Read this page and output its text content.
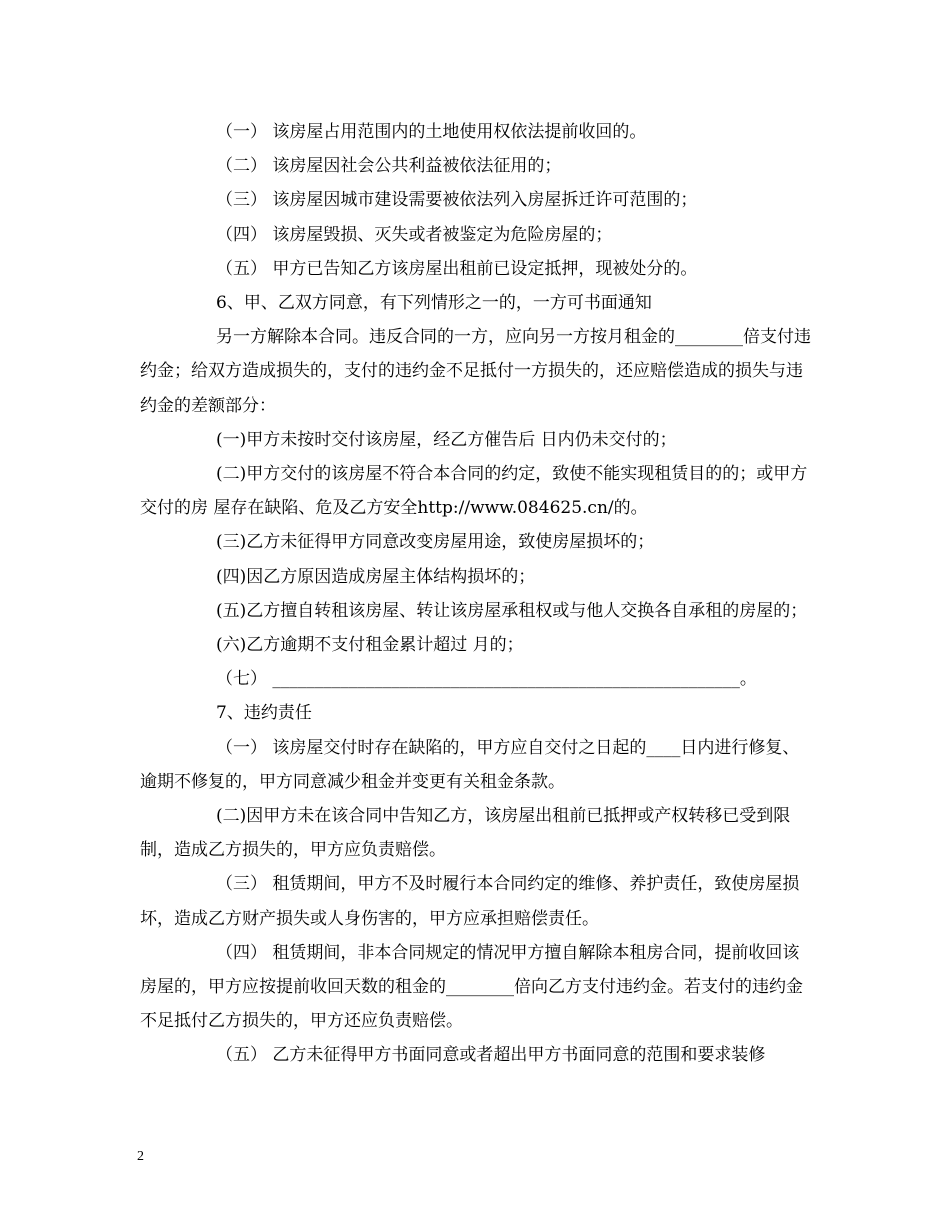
（一） 该房屋占用范围内的土地使用权依法提前收回的。

（二） 该房屋因社会公共利益被依法征用的；

（三） 该房屋因城市建设需要被依法列入房屋拆迁许可范围的；

（四） 该房屋毁损、灭失或者被鉴定为危险房屋的；

（五） 甲方已告知乙方该房屋出租前已设定抵押，现被处分的。

6、甲、乙双方同意，有下列情形之一的，一方可书面通知

另一方解除本合同。违反合同的一方，应向另一方按月租金的________倍支付违约金；给双方造成损失的，支付的违约金不足抵付一方损失的，还应赔偿造成的损失与违约金的差额部分：

(一)甲方未按时交付该房屋，经乙方催告后 日内仍未交付的；

(二)甲方交付的该房屋不符合本合同的约定，致使不能实现租赁目的的；或甲方交付的房 屋存在缺陷、危及乙方安全http://www.084625.cn/的。

(三)乙方未征得甲方同意改变房屋用途，致使房屋损坏的；

(四)因乙方原因造成房屋主体结构损坏的；

(五)乙方擅自转租该房屋、转让该房屋承租权或与他人交换各自承租的房屋的；

(六)乙方逾期不支付租金累计超过 月的；

（七） _______________________________________________________。

7、违约责任

（一） 该房屋交付时存在缺陷的，甲方应自交付之日起的____日内进行修复、逾期不修复的，甲方同意减少租金并变更有关租金条款。

(二)因甲方未在该合同中告知乙方，该房屋出租前已抵押或产权转移已受到限制，造成乙方损失的，甲方应负责赔偿。

（三） 租赁期间，甲方不及时履行本合同约定的维修、养护责任，致使房屋损坏，造成乙方财产损失或人身伤害的，甲方应承担赔偿责任。

（四） 租赁期间，非本合同规定的情况甲方擅自解除本租房合同，提前收回该房屋的，甲方应按提前收回天数的租金的________倍向乙方支付违约金。若支付的违约金不足抵付乙方损失的，甲方还应负责赔偿。

（五） 乙方未征得甲方书面同意或者超出甲方书面同意的范围和要求装修

2
